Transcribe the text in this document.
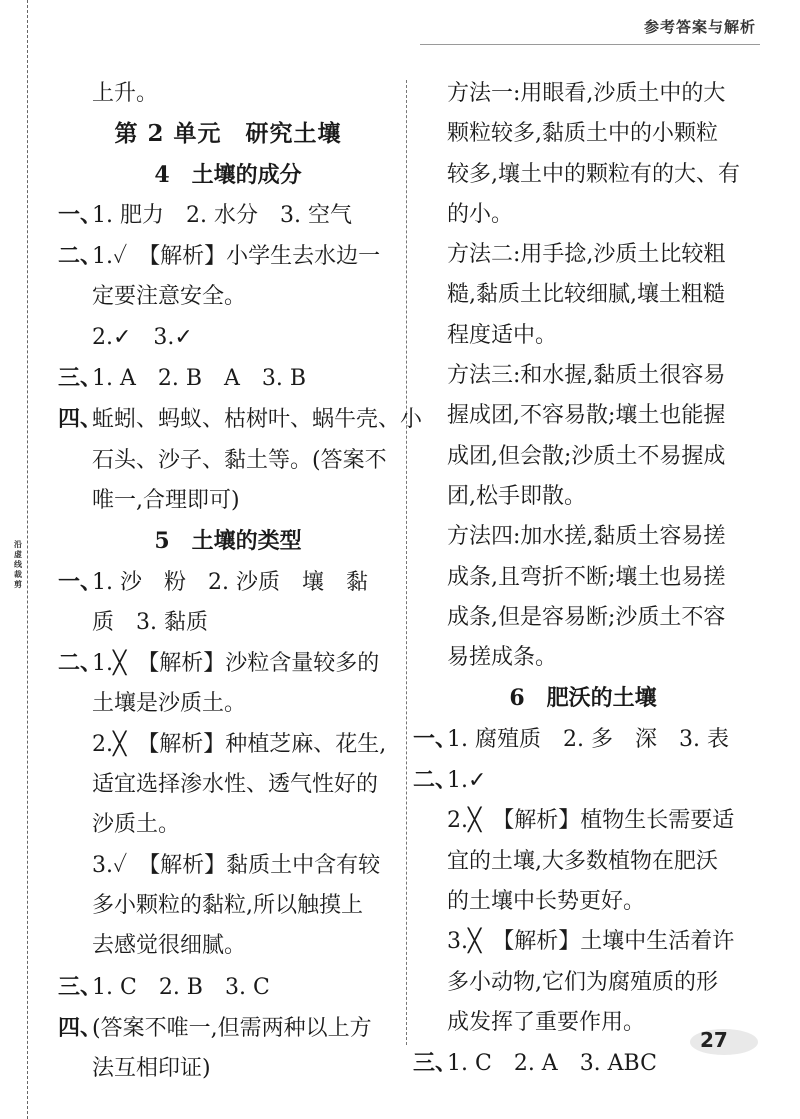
沿虚线裁剪
参考答案与解析
上升。
第 2 单元　研究土壤
4　土壤的成分
一、1. 肥力　2. 水分　3. 空气
二、1.✓　【解析】小学生去水边一
定要注意安全。
2.✓　3.✓
三、1. A　2. B　A　3. B
四、蚯蚓、蚂蚁、枯树叶、蜗牛壳、小
石头、沙子、黏土等。(答案不
唯一,合理即可)
5　土壤的类型
一、1. 沙　粉　2. 沙质　壤　黏
质　3. 黏质
二、1.╳　【解析】沙粒含量较多的
土壤是沙质土。
2.╳　【解析】种植芝麻、花生,
适宜选择渗水性、透气性好的
沙质土。
3.✓　【解析】黏质土中含有较
多小颗粒的黏粒,所以触摸上
去感觉很细腻。
三、1. C　2. B　3. C
四、(答案不唯一,但需两种以上方
法互相印证)
方法一:用眼看,沙质土中的大
颗粒较多,黏质土中的小颗粒
较多,壤土中的颗粒有的大、有
的小。
方法二:用手捻,沙质土比较粗
糙,黏质土比较细腻,壤土粗糙
程度适中。
方法三:和水握,黏质土很容易
握成团,不容易散;壤土也能握
成团,但会散;沙质土不易握成
团,松手即散。
方法四:加水搓,黏质土容易搓
成条,且弯折不断;壤土也易搓
成条,但是容易断;沙质土不容
易搓成条。
6　肥沃的土壤
一、1. 腐殖质　2. 多　深　3. 表
二、1.✓
2.╳　【解析】植物生长需要适
宜的土壤,大多数植物在肥沃
的土壤中长势更好。
3.╳　【解析】土壤中生活着许
多小动物,它们为腐殖质的形
成发挥了重要作用。
三、1. C　2. A　3. ABC
27
